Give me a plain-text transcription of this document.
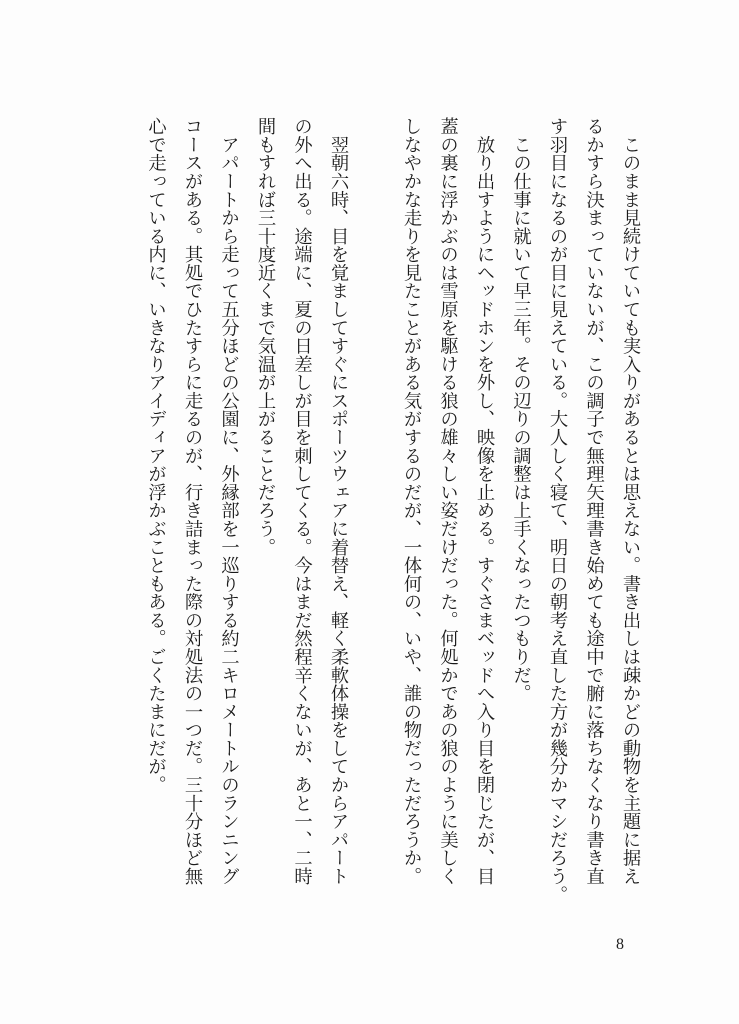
　このまま見続けていても実入りがあるとは思えない。書き出しは疎かどの動物を主題に据え
るかすら決まっていないが、この調子で無理矢理書き始めても途中で腑に落ちなくなり書き直
す羽目になるのが目に見えている。大人しく寝て、明日の朝考え直した方が幾分かマシだろう。
　この仕事に就いて早三年。その辺りの調整は上手くなったつもりだ。
　放り出すようにヘッドホンを外し、映像を止める。すぐさまベッドへ入り目を閉じたが、目
蓋の裏に浮かぶのは雪原を駆ける狼の雄々しい姿だけだった。何処かであの狼のように美しく
しなやかな走りを見たことがある気がするのだが、一体何の、いや、誰の物だっただろうか。
　翌朝六時、目を覚ましてすぐにスポーツウェアに着替え、軽く柔軟体操をしてからアパート
の外へ出る。途端に、夏の日差しが目を刺してくる。今はまだ然程辛くないが、あと一、二時
間もすれば三十度近くまで気温が上がることだろう。
　アパートから走って五分ほどの公園に、外縁部を一巡りする約二キロメートルのランニング
コースがある。其処でひたすらに走るのが、行き詰まった際の対処法の一つだ。三十分ほど無
心で走っている内に、いきなりアイディアが浮かぶこともある。ごくたまにだが。
8
